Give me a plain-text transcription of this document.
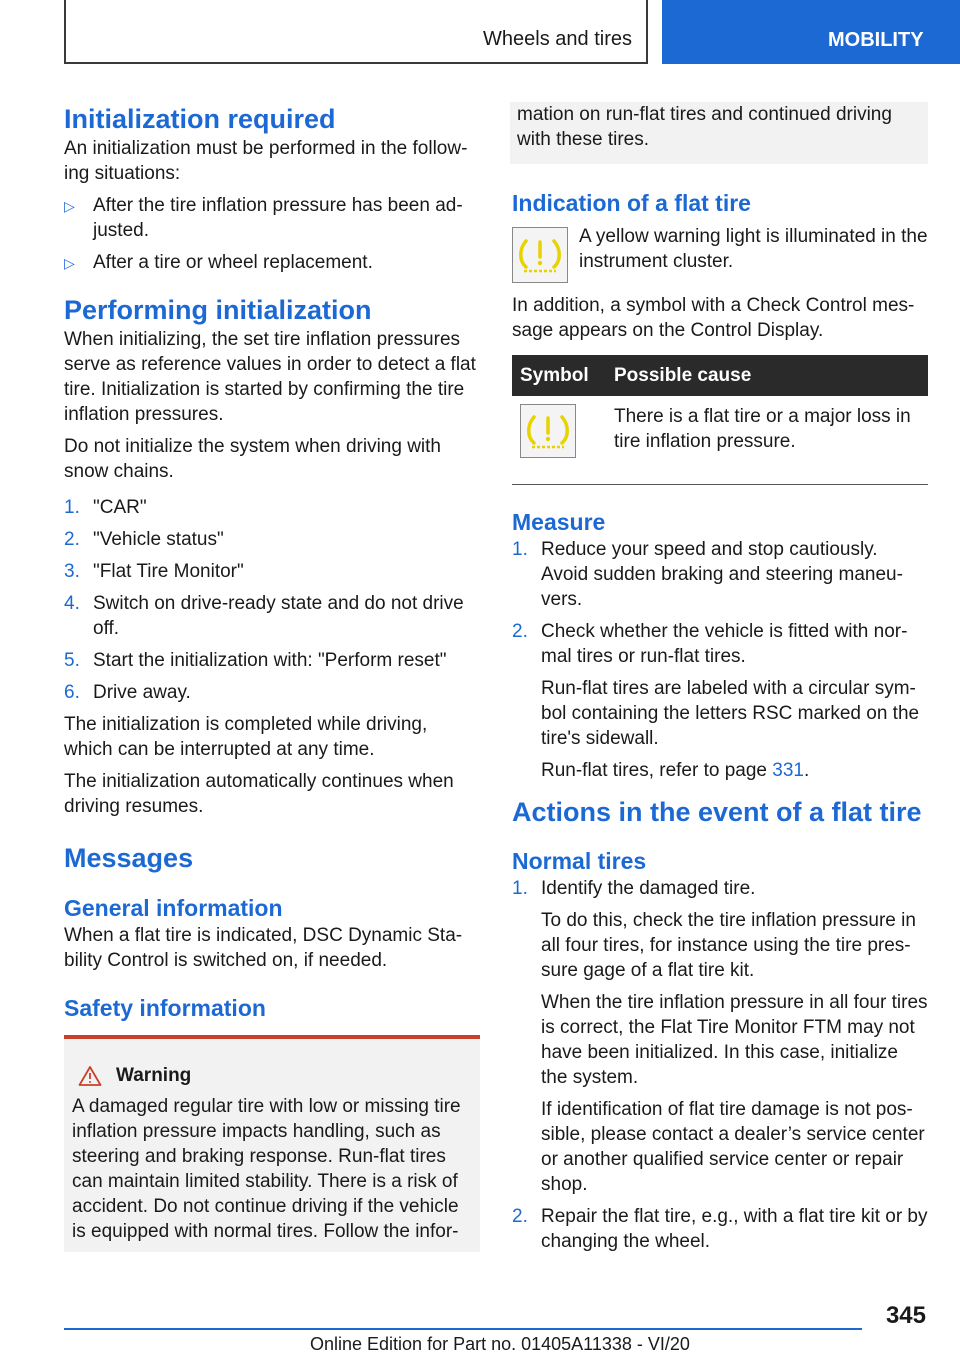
Wheels and tires	MOBILITY
Initialization required

An initialization must be performed in the follow-ing situations:

▷ After the tire inflation pressure has been ad-justed.
▷ After a tire or wheel replacement.
Performing initialization

When initializing, the set tire inflation pressures serve as reference values in order to detect a flat tire. Initialization is started by confirming the tire inflation pressures.

Do not initialize the system when driving with snow chains.

1. "CAR"
2. "Vehicle status"
3. "Flat Tire Monitor"
4. Switch on drive-ready state and do not drive off.
5. Start the initialization with: "Perform reset"
6. Drive away.

The initialization is completed while driving, which can be interrupted at any time.

The initialization automatically continues when driving resumes.

Messages
General information

When a flat tire is indicated, DSC Dynamic Sta-bility Control is switched on, if needed.

Safety information
Warning

A damaged regular tire with low or missing tire inflation pressure impacts handling, such as steering and braking response. Run-flat tires can maintain limited stability. There is a risk of accident. Do not continue driving if the vehicle is equipped with normal tires. Follow the infor-

mation on run-flat tires and continued driving with these tires.

Indication of a flat tire

A yellow warning light is illuminated in the instrument cluster.

In addition, a symbol with a Check Control mes-sage appears on the Control Display.

Symbol	Possible cause

	There is a flat tire or a major loss in tire inflation pressure.
Measure
1. Reduce your speed and stop cautiously. Avoid sudden braking and steering maneu-vers.
2. Check whether the vehicle is fitted with nor-mal tires or run-flat tires.

Run-flat tires are labeled with a circular sym-bol containing the letters RSC marked on the tire's sidewall.

Run-flat tires, refer to page 331.

Actions in the event of a flat tire
Normal tires
1. Identify the damaged tire.

To do this, check the tire inflation pressure in all four tires, for instance using the tire pres-sure gage of a flat tire kit.

When the tire inflation pressure in all four tires is correct, the Flat Tire Monitor FTM may not have been initialized. In this case, initialize the system.

If identification of flat tire damage is not pos-sible, please contact a dealer’s service center or another qualified service center or repair shop.

2. Repair the flat tire, e.g., with a flat tire kit or by changing the wheel.
345
Online Edition for Part no. 01405A11338 - VI/20
